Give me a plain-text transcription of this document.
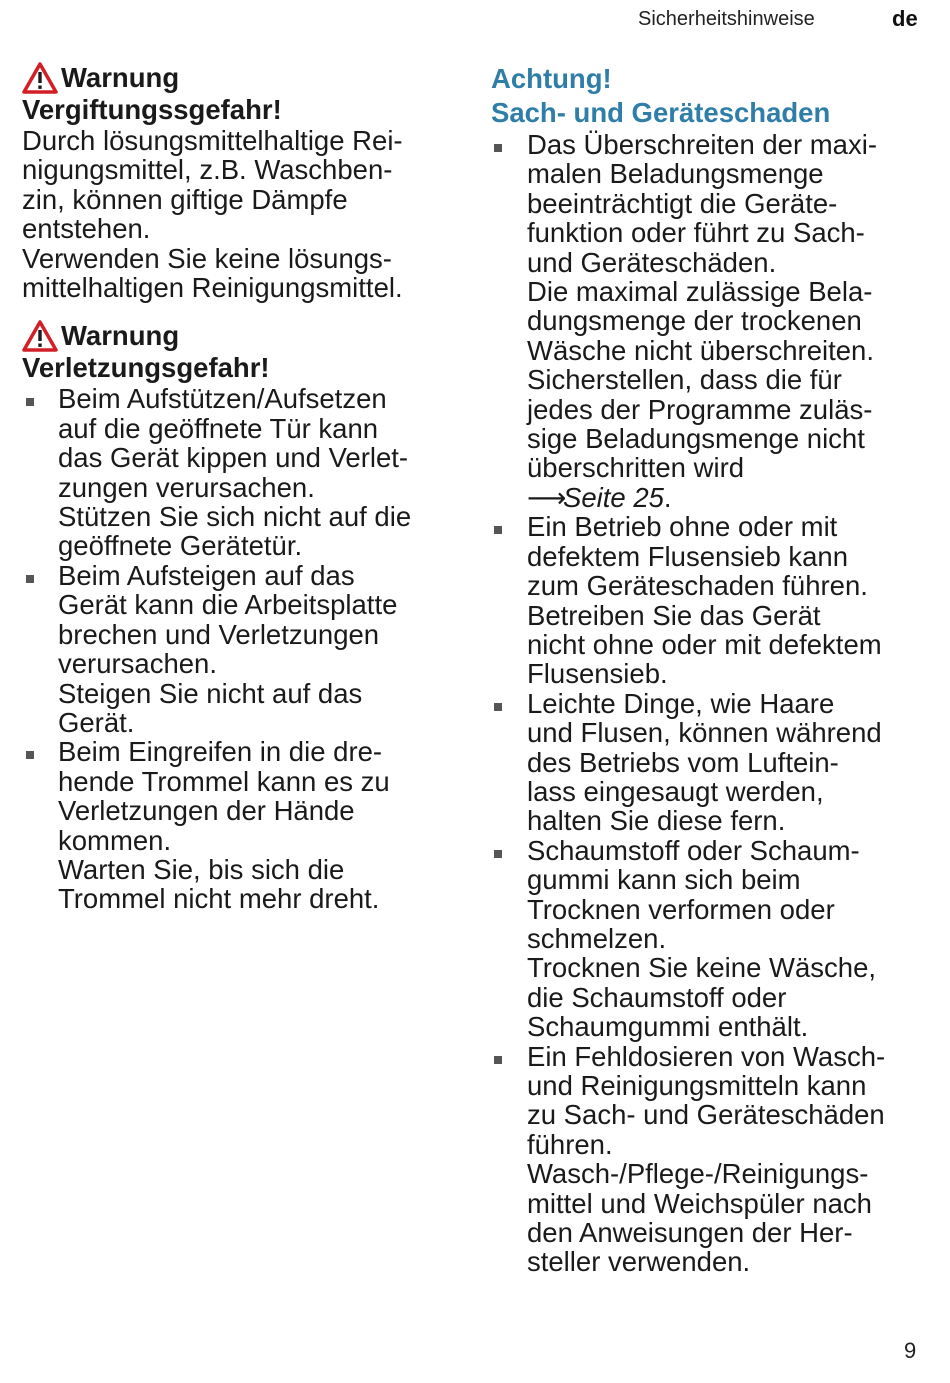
Sicherheitshinweise	de
Warnung
Vergiftungssgefahr!
Durch lösungsmittelhaltige Rei-
nigungsmittel, z.B. Waschben-
zin, können giftige Dämpfe
entstehen.
Verwenden Sie keine lösungs-
mittelhaltigen Reinigungsmittel.
Warnung
Verletzungsgefahr!
Beim Aufstützen/Aufsetzen
auf die geöffnete Tür kann
das Gerät kippen und Verlet-
zungen verursachen.
Stützen Sie sich nicht auf die
geöffnete Gerätetür.
Beim Aufsteigen auf das
Gerät kann die Arbeitsplatte
brechen und Verletzungen
verursachen.
Steigen Sie nicht auf das
Gerät.
Beim Eingreifen in die dre-
hende Trommel kann es zu
Verletzungen der Hände
kommen.
Warten Sie, bis sich die
Trommel nicht mehr dreht.
Achtung!
Sach- und Geräteschaden
Das Überschreiten der maxi-
malen Beladungsmenge
beeinträchtigt die Geräte-
funktion oder führt zu Sach-
und Geräteschäden.
Die maximal zulässige Bela-
dungsmenge der trockenen
Wäsche nicht überschreiten.
Sicherstellen, dass die für
jedes der Programme zuläs-
sige Beladungsmenge nicht
überschritten wird
⟶Seite 25.
Ein Betrieb ohne oder mit
defektem Flusensieb kann
zum Geräteschaden führen.
Betreiben Sie das Gerät
nicht ohne oder mit defektem
Flusensieb.
Leichte Dinge, wie Haare
und Flusen, können während
des Betriebs vom Luftein-
lass eingesaugt werden,
halten Sie diese fern.
Schaumstoff oder Schaum-
gummi kann sich beim
Trocknen verformen oder
schmelzen.
Trocknen Sie keine Wäsche,
die Schaumstoff oder
Schaumgummi enthält.
Ein Fehldosieren von Wasch-
und Reinigungsmitteln kann
zu Sach- und Geräteschäden
führen.
Wasch-/Pflege-/Reinigungs-
mittel und Weichspüler nach
den Anweisungen der Her-
steller verwenden.
9
